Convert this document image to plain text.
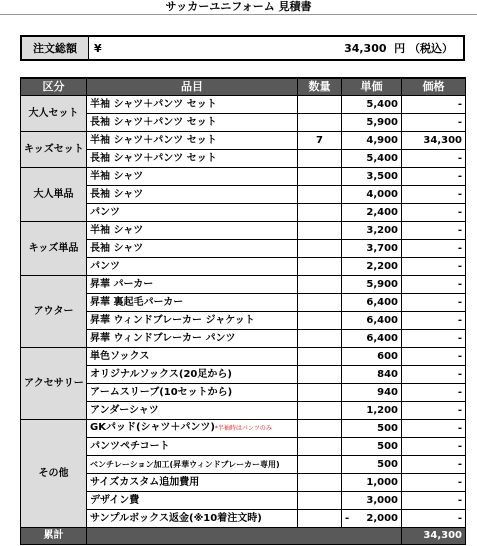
サッカーユニフォーム 見積書
注文総額	¥	34,300  円 （税込）
区分	品目	数量	単価	価格
大人セット	半袖 シャツ＋パンツ セット		5,400	-
	長袖 シャツ＋パンツ セット		5,900	-
キッズセット	半袖 シャツ＋パンツ セット	7	4,900	34,300
	長袖 シャツ＋パンツ セット		5,400	-
大人単品	半袖 シャツ		3,500	-
	長袖 シャツ		4,000	-
	パンツ		2,400	-
キッズ単品	半袖 シャツ		3,200	-
	長袖 シャツ		3,700	-
	パンツ		2,200	-
アウター	昇華 パーカー		5,900	-
	昇華 裏起毛パーカー		6,400	-
	昇華 ウィンドブレーカー ジャケット		6,400	-
	昇華 ウィンドブレーカー パンツ		6,400	-
アクセサリー	単色ソックス		600	-
	オリジナルソックス(20足から)		840	-
	アームスリーブ(10セットから)		940	-
	アンダーシャツ		1,200	-
その他	GKパッド(シャツ＋パンツ)*半袖時はパンツのみ		500	-
	パンツペチコート		500	-
	ベンチレーション加工(昇華ウィンドブレーカー専用)		500	-
	サイズカスタム追加費用		1,000	-
	デザイン費		3,000	-
	サンプルボックス返金(※10着注文時)		- 2,000	-
累計				34,300
